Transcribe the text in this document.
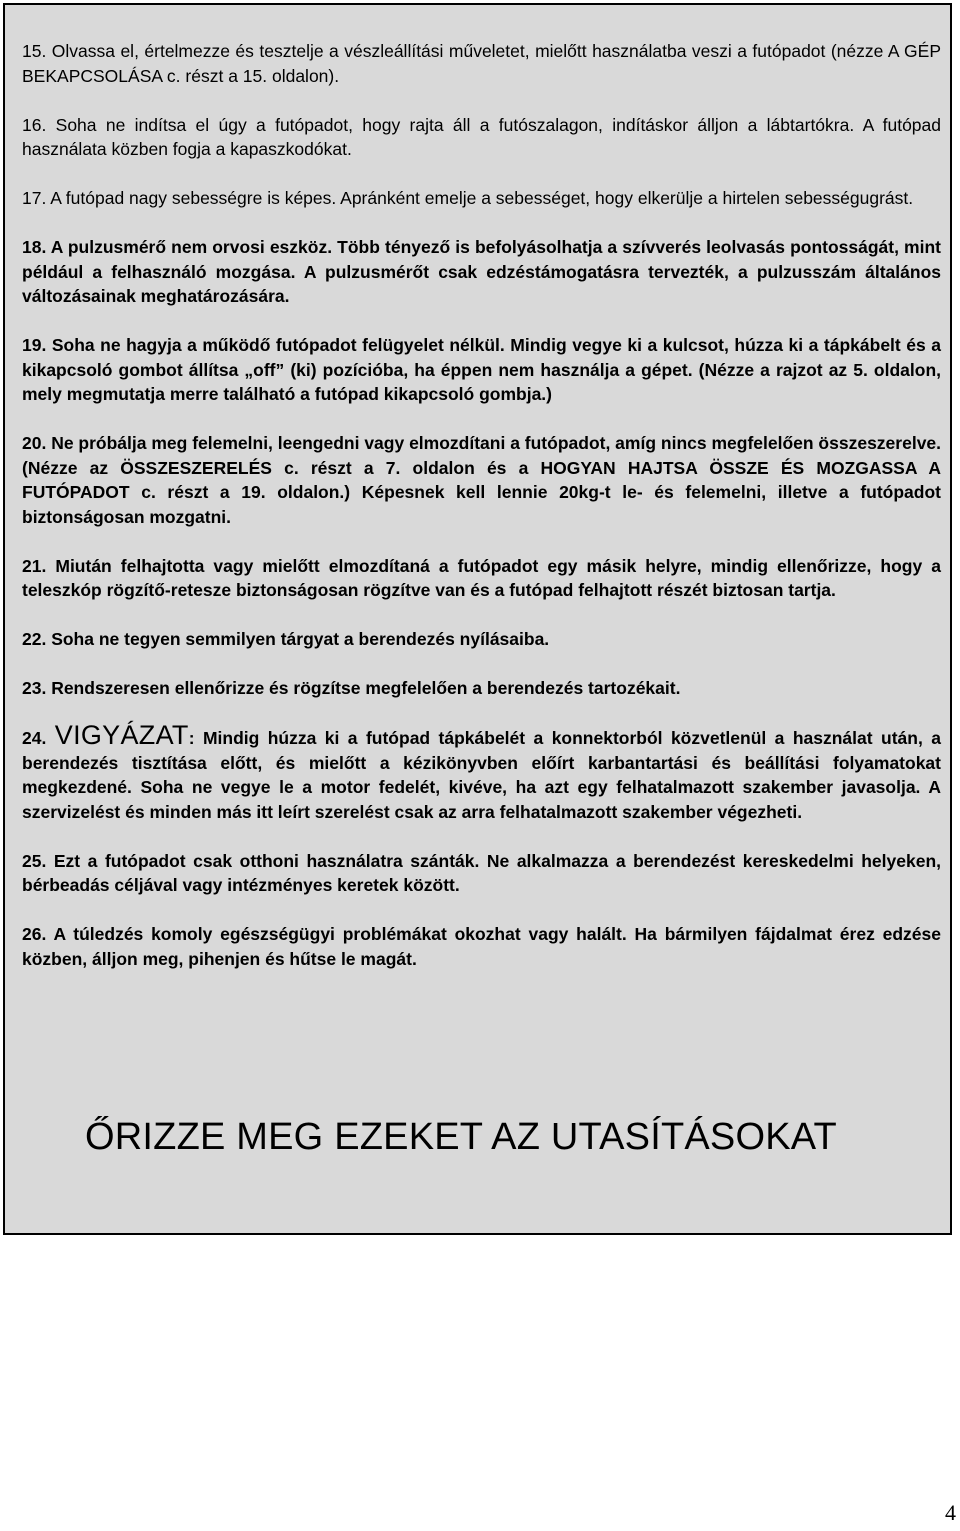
15. Olvassa el, értelmezze és tesztelje a vészleállítási műveletet, mielőtt használatba veszi a futópadot (nézze A GÉP BEKAPCSOLÁSA c. részt a 15. oldalon).

16. Soha ne indítsa el úgy a futópadot, hogy rajta áll a futószalagon, indításkor álljon a lábtartókra. A futópad használata közben fogja a kapaszkodókat.

17. A futópad nagy sebességre is képes. Apránként emelje a sebességet, hogy elkerülje a hirtelen sebességugrást.

18. A pulzusmérő nem orvosi eszköz. Több tényező is befolyásolhatja a szívverés leolvasás pontosságát, mint például a felhasználó mozgása. A pulzusmérőt csak edzéstámogatásra tervezték, a pulzusszám általános változásainak meghatározására.

19. Soha ne hagyja a működő futópadot felügyelet nélkül. Mindig vegye ki a kulcsot, húzza ki a tápkábelt és a kikapcsoló gombot állítsa „off” (ki) pozícióba, ha éppen nem használja a gépet. (Nézze a rajzot az 5. oldalon, mely megmutatja merre található a futópad kikapcsoló gombja.)

20. Ne próbálja meg felemelni, leengedni vagy elmozdítani a futópadot, amíg nincs megfelelően összeszerelve. (Nézze az ÖSSZESZERELÉS c. részt a 7. oldalon és a HOGYAN HAJTSA ÖSSZE ÉS MOZGASSA A FUTÓPADOT c. részt a 19. oldalon.) Képesnek kell lennie 20kg-t le- és felemelni, illetve a futópadot biztonságosan mozgatni.

21. Miután felhajtotta vagy mielőtt elmozdítaná a futópadot egy másik helyre, mindig ellenőrizze, hogy a teleszkóp rögzítő-retesze biztonságosan rögzítve van és a futópad felhajtott részét biztosan tartja.

22. Soha ne tegyen semmilyen tárgyat a berendezés nyílásaiba.

23. Rendszeresen ellenőrizze és rögzítse megfelelően a berendezés tartozékait.

24. VIGYÁZAT: Mindig húzza ki a futópad tápkábelét a konnektorból közvetlenül a használat után, a berendezés tisztítása előtt, és mielőtt a kézikönyvben előírt karbantartási és beállítási folyamatokat megkezdené. Soha ne vegye le a motor fedelét, kivéve, ha azt egy felhatalmazott szakember javasolja. A szervizelést és minden más itt leírt szerelést csak az arra felhatalmazott szakember végezheti.

25. Ezt a futópadot csak otthoni használatra szánták. Ne alkalmazza a berendezést kereskedelmi helyeken, bérbeadás céljával vagy intézményes keretek között.

26. A túledzés komoly egészségügyi problémákat okozhat vagy halált. Ha bármilyen fájdalmat érez edzése közben, álljon meg, pihenjen és hűtse le magát.

ŐRIZZE MEG EZEKET AZ UTASÍTÁSOKAT
4
